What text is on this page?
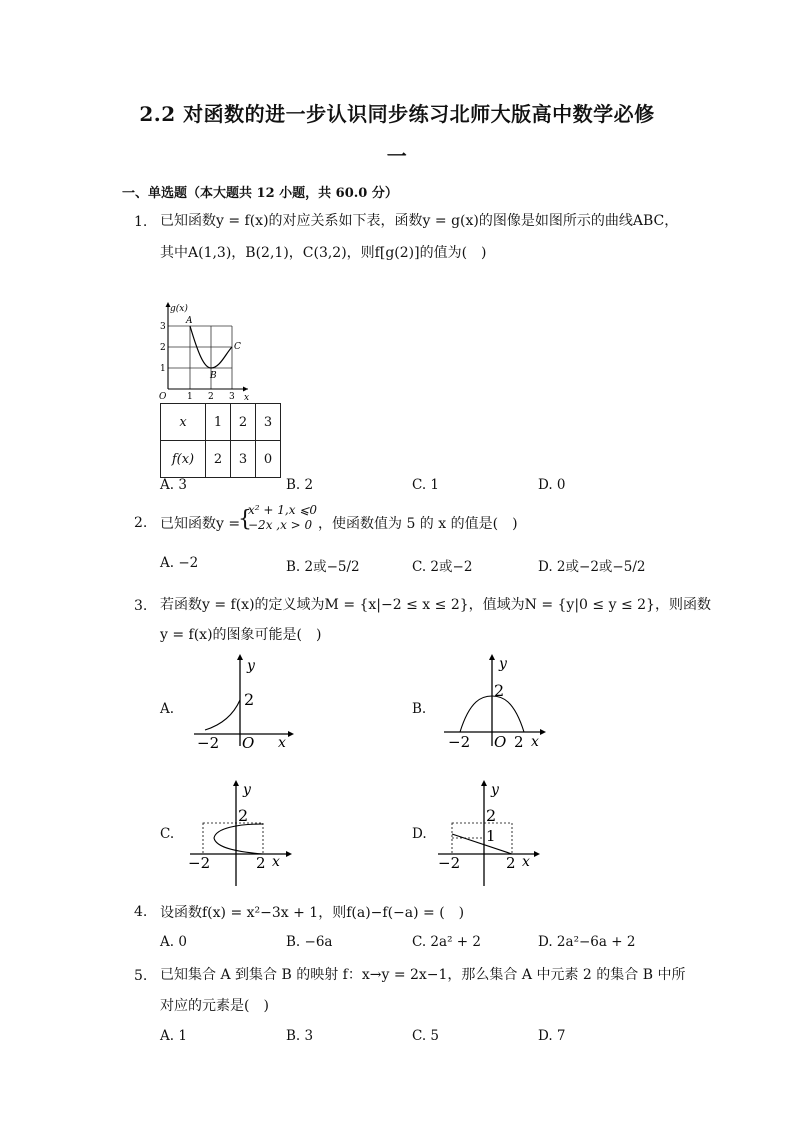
2.2 对函数的进一步认识同步练习北师大版高中数学必修
一
一、单选题（本大题共 12 小题，共 60.0 分）
1. 已知函数y = f(x)的对应关系如下表，函数y = g(x)的图像是如图所示的曲线ABC，
其中A(1,3)，B(2,1)，C(3,2)，则f[g(2)]的值为(　)
g(x)
x
O 1 2 3
1
2
3
A
B
C
x	1	2	3
f(x)	2	3	0
A. 3	B. 2	C. 1	D. 0
2. 已知函数y =
{
x² + 1,x ⩽0
−2x ,x > 0 ，使函数值为 5 的 x 的值是(　)
A. −2	B. 2或−5/2	C. 2或−2	D. 2或−2或−5/2
3. 若函数y = f(x)的定义域为M = {x|−2 ≤ x ≤ 2}，值域为N = {y|0 ≤ y ≤ 2}，则函数
y = f(x)的图象可能是(　)
A.
y
2
−2 O x
B.
y
2
−2 O 2 x
C.
y
2
−2	2 x
D.
y
2
1
−2	2 x
4. 设函数f(x) = x²−3x + 1，则f(a)−f(−a) = (　)
A. 0	B. −6a	C. 2a² + 2	D. 2a²−6a + 2
5. 已知集合 A 到集合 B 的映射 f：x→y = 2x−1，那么集合 A 中元素 2 的集合 B 中所
对应的元素是(　)
A. 1	B. 3	C. 5	D. 7
